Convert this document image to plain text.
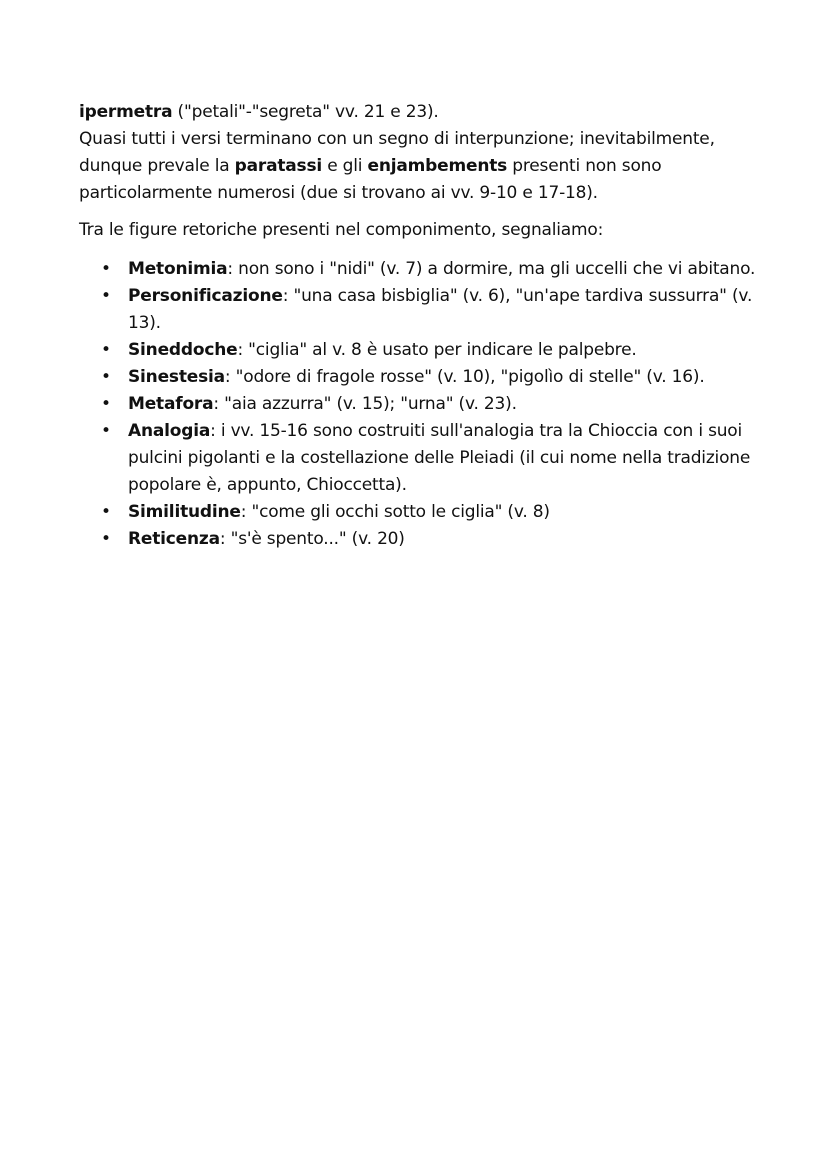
ipermetra ("petali"-"segreta" vv. 21 e 23).

Quasi tutti i versi terminano con un segno di interpunzione; inevitabilmente, dunque prevale la paratassi e gli enjambements presenti non sono particolarmente numerosi (due si trovano ai vv. 9-10 e 17-18).

Tra le figure retoriche presenti nel componimento, segnaliamo:

• Metonimia: non sono i "nidi" (v. 7) a dormire, ma gli uccelli che vi abitano.
• Personificazione: "una casa bisbiglia" (v. 6), "un'ape tardiva sussurra" (v. 13).
• Sineddoche: "ciglia" al v. 8 è usato per indicare le palpebre.
• Sinestesia: "odore di fragole rosse" (v. 10), "pigolìo di stelle" (v. 16).
• Metafora: "aia azzurra" (v. 15); "urna" (v. 23).
• Analogia: i vv. 15-16 sono costruiti sull'analogia tra la Chioccia con i suoi pulcini pigolanti e la costellazione delle Pleiadi (il cui nome nella tradizione popolare è, appunto, Chioccetta).
• Similitudine: "come gli occhi sotto le ciglia" (v. 8)
• Reticenza: "s'è spento..." (v. 20)
